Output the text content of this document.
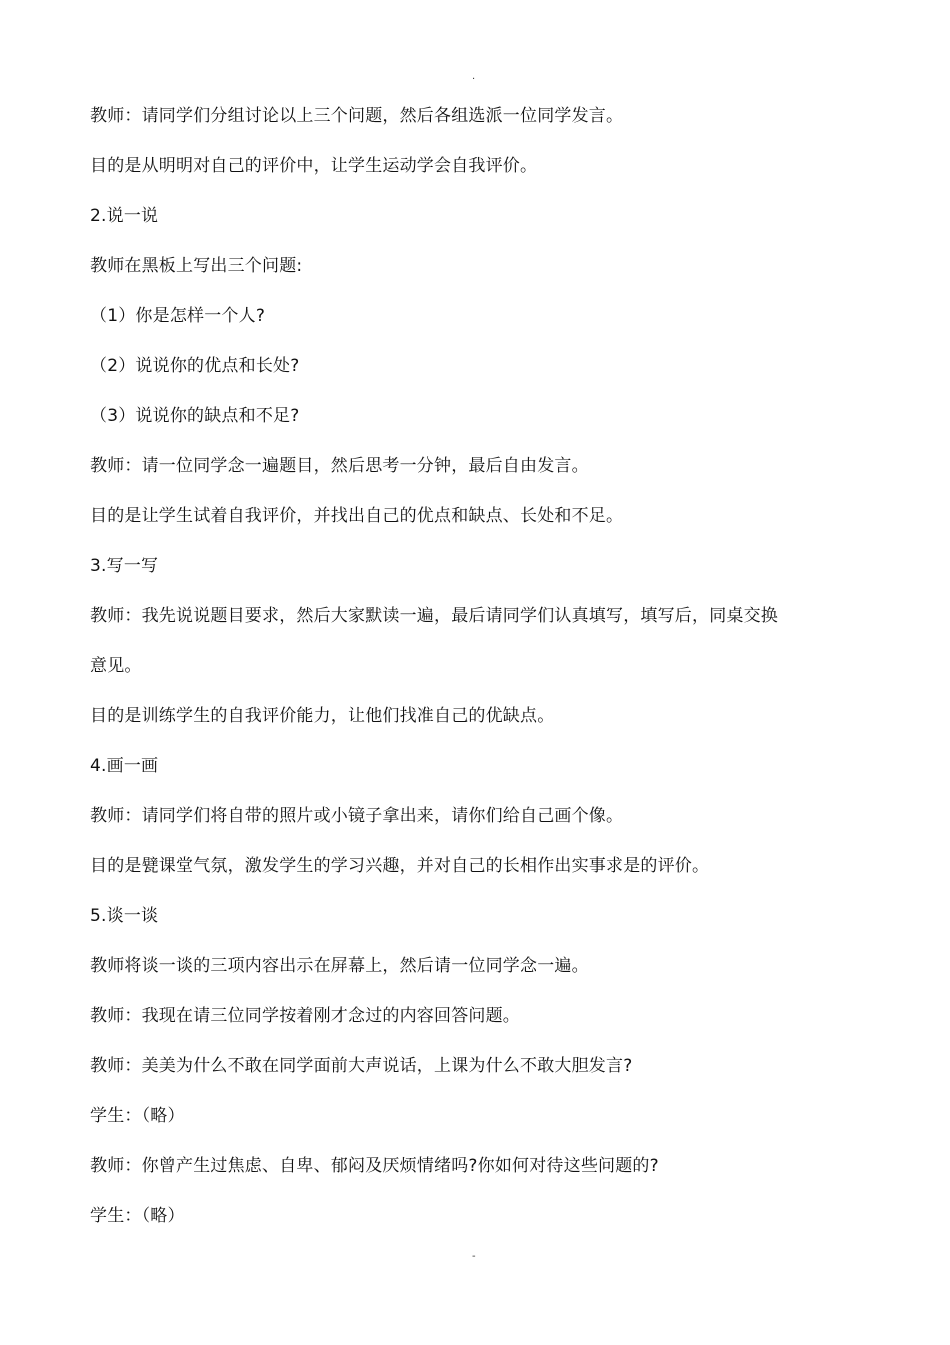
.

教师：请同学们分组讨论以上三个问题，然后各组选派一位同学发言。

目的是从明明对自己的评价中，让学生运动学会自我评价。

2.说一说

教师在黑板上写出三个问题:

（1）你是怎样一个人?

（2）说说你的优点和长处?

（3）说说你的缺点和不足?

教师：请一位同学念一遍题目，然后思考一分钟，最后自由发言。

目的是让学生试着自我评价，并找出自己的优点和缺点、长处和不足。

3.写一写

教师：我先说说题目要求，然后大家默读一遍，最后请同学们认真填写，填写后，同桌交换

意见。

目的是训练学生的自我评价能力，让他们找准自己的优缺点。

4.画一画

教师：请同学们将自带的照片或小镜子拿出来，请你们给自己画个像。

目的是甓课堂气氛，激发学生的学习兴趣，并对自己的长相作出实事求是的评价。

5.谈一谈

教师将谈一谈的三项内容出示在屏幕上，然后请一位同学念一遍。

教师：我现在请三位同学按着刚才念过的内容回答问题。

教师：美美为什么不敢在同学面前大声说话，上课为什么不敢大胆发言?

学生：（略）

教师：你曾产生过焦虑、自卑、郁闷及厌烦情绪吗?你如何对待这些问题的?

学生：（略）

-
